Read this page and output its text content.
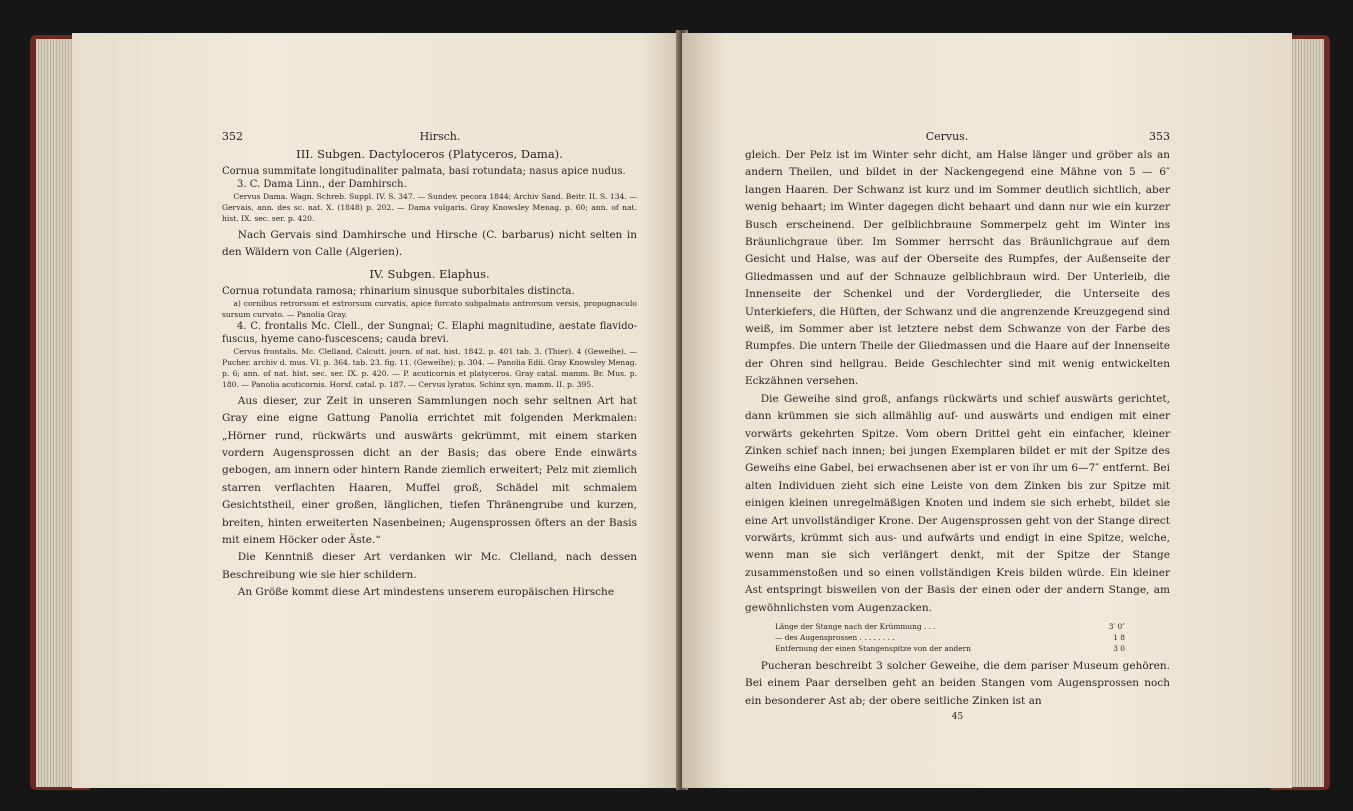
352	Hirsch.

III. Subgen. Dactyloceros (Platyceros, Dama).

Cornua summitate longitudinaliter palmata, basi rotundata; nasus apice nudus.

3. C. Dama Linn., der Damhirsch.

Cervus Dama. Wagn. Schreb. Suppl. IV. S. 347. — Sundev. pecora 1844; Archiv Sand. Beitr. II. S. 134. — Gervais, ann. des sc. nat. X. (1848) p. 202. — Dama vulgaris. Gray Knowsley Menag. p. 60; ann. of nat. hist. IX. sec. ser. p. 420.

Nach Gervais sind Damhirsche und Hirsche (C. barbarus) nicht selten in den Wäldern von Calle (Algerien).

IV. Subgen. Elaphus.

Cornua rotundata ramosa; rhinarium sinusque suborbitales distincta.

a) cornibus retrorsum et extrorsum curvatis, apice furcato subpalmato antrorsum versis, propugnaculo sursum curvato. — Panolia Gray.

4. C. frontalis Mc. Clell., der Sungnai; C. Elaphi magnitudine, aestate flavido-fuscus, hyeme cano-fuscescens; cauda brevi.

Cervus frontalis. Mc. Clelland, Calcutt. journ. of nat. hist. 1842. p. 401 tab. 3. (Thier). 4 (Geweihe). — Pucher. archiv d. mus. VI. p. 364. tab. 23. fig. 11. (Geweihe); p. 304. — Panolia Edii. Gray Knowsley Menag. p. 6; ann. of nat. hist. sec. ser. IX. p. 420. — P. acuticornis et platyceros. Gray catal. mamm. Br. Mus. p. 180. — Panolia acuticornis. Horsf. catal. p. 187. — Cervus lyratus. Schinz syn. mamm. II. p. 395.

Aus dieser, zur Zeit in unseren Sammlungen noch sehr seltnen Art hat Gray eine eigne Gattung Panolia errichtet mit folgenden Merkmalen: „Hörner rund, rückwärts und auswärts gekrümmt, mit einem starken vordern Augensprossen dicht an der Basis; das obere Ende einwärts gebogen, am innern oder hintern Rande ziemlich erweitert; Pelz mit ziemlich starren verflachten Haaren, Muffel groß, Schädel mit schmalem Gesichtstheil, einer großen, länglichen, tiefen Thränengrube und kurzen, breiten, hinten erweiterten Nasenbeinen; Augensprossen öfters an der Basis mit einem Höcker oder Äste.“

Die Kenntniß dieser Art verdanken wir Mc. Clelland, nach dessen Beschreibung wie sie hier schildern.

An Größe kommt diese Art mindestens unserem europäischen Hirsche

Cervus.	353

gleich. Der Pelz ist im Winter sehr dicht, am Halse länger und gröber als an andern Theilen, und bildet in der Nackengegend eine Mähne von 5 — 6″ langen Haaren. Der Schwanz ist kurz und im Sommer deutlich sichtlich, aber wenig behaart; im Winter dagegen dicht behaart und dann nur wie ein kurzer Busch erscheinend. Der gelblichbraune Sommerpelz geht im Winter ins Bräunlichgraue über. Im Sommer herrscht das Bräunlichgraue auf dem Gesicht und Halse, was auf der Oberseite des Rumpfes, der Außenseite der Gliedmassen und auf der Schnauze gelblichbraun wird. Der Unterleib, die Innenseite der Schenkel und der Vorderglieder, die Unterseite des Unterkiefers, die Hüften, der Schwanz und die angrenzende Kreuzgegend sind weiß, im Sommer aber ist letztere nebst dem Schwanze von der Farbe des Rumpfes. Die untern Theile der Gliedmassen und die Haare auf der Innenseite der Ohren sind hellgrau. Beide Geschlechter sind mit wenig entwickelten Eckzähnen versehen.

Die Geweihe sind groß, anfangs rückwärts und schief auswärts gerichtet, dann krümmen sie sich allmählig auf- und auswärts und endigen mit einer vorwärts gekehrten Spitze. Vom obern Drittel geht ein einfacher, kleiner Zinken schief nach innen; bei jungen Exemplaren bildet er mit der Spitze des Geweihs eine Gabel, bei erwachsenen aber ist er von ihr um 6—7″ entfernt. Bei alten Individuen zieht sich eine Leiste von dem Zinken bis zur Spitze mit einigen kleinen unregelmäßigen Knoten und indem sie sich erhebt, bildet sie eine Art unvollständiger Krone. Der Augensprossen geht von der Stange direct vorwärts, krümmt sich aus- und aufwärts und endigt in eine Spitze, welche, wenn man sie sich verlängert denkt, mit der Spitze der Stange zusammenstoßen und so einen vollständigen Kreis bilden würde. Ein kleiner Ast entspringt bisweilen von der Basis der einen oder der andern Stange, am gewöhnlichsten vom Augenzacken.

Länge der Stange nach der Krümmung . . .	3′ 0″
— des Augensprossen . . . . . . . .	1 8
Entfernung der einen Stangenspitze von der andern	3 0

Pucheran beschreibt 3 solcher Geweihe, die dem pariser Museum gehören. Bei einem Paar derselben geht an beiden Stangen vom Augensprossen noch ein besonderer Ast ab; der obere seitliche Zinken ist an

45
